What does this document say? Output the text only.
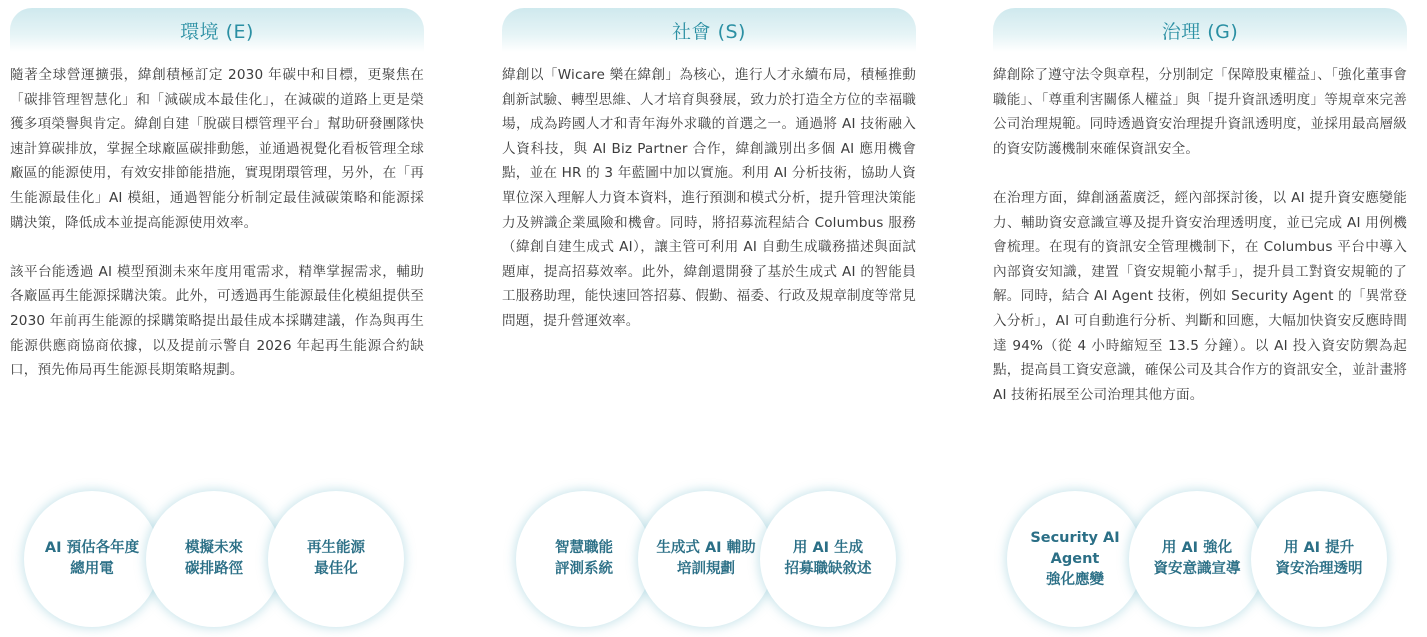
環境 (E)

隨著全球營運擴張，緯創積極訂定 2030 年碳中和目標，更聚焦在「碳排管理智慧化」和「減碳成本最佳化」，在減碳的道路上更是榮獲多項榮譽與肯定。緯創自建「脫碳目標管理平台」幫助研發團隊快速計算碳排放，掌握全球廠區碳排動態，並通過視覺化看板管理全球廠區的能源使用，有效安排節能措施，實現閉環管理，另外，在「再生能源最佳化」AI 模組，通過智能分析制定最佳減碳策略和能源採購決策，降低成本並提高能源使用效率。

該平台能透過 AI 模型預測未來年度用電需求，精準掌握需求，輔助各廠區再生能源採購決策。此外，可透過再生能源最佳化模組提供至 2030 年前再生能源的採購策略提出最佳成本採購建議，作為與再生能源供應商協商依據，以及提前示警自 2026 年起再生能源合約缺口，預先佈局再生能源長期策略規劃。

AI 預估各年度
總用電
模擬未來
碳排路徑
再生能源
最佳化
社會 (S)

緯創以「Wicare 樂在緯創」為核心，進行人才永續布局，積極推動創新試驗、轉型思維、人才培育與發展，致力於打造全方位的幸福職場，成為跨國人才和青年海外求職的首選之一。通過將 AI 技術融入人資科技，與 AI Biz Partner 合作，緯創識別出多個 AI 應用機會點，並在 HR 的 3 年藍圖中加以實施。利用 AI 分析技術，協助人資單位深入理解人力資本資料，進行預測和模式分析，提升管理決策能力及辨識企業風險和機會。同時，將招募流程結合 Columbus 服務（緯創自建生成式 AI），讓主管可利用 AI 自動生成職務描述與面試題庫，提高招募效率。此外，緯創還開發了基於生成式 AI 的智能員工服務助理，能快速回答招募、假勤、福委、行政及規章制度等常見問題，提升營運效率。

智慧職能
評測系統
生成式 AI 輔助
培訓規劃
用 AI 生成
招募職缺敘述
治理 (G)

緯創除了遵守法令與章程，分別制定「保障股東權益」、「強化董事會職能」、「尊重利害關係人權益」與「提升資訊透明度」等規章來完善公司治理規範。同時透過資安治理提升資訊透明度，並採用最高層級的資安防護機制來確保資訊安全。

在治理方面，緯創涵蓋廣泛，經內部探討後，以 AI 提升資安應變能力、輔助資安意識宣導及提升資安治理透明度，並已完成 AI 用例機會梳理。在現有的資訊安全管理機制下，在 Columbus 平台中導入內部資安知識，建置「資安規範小幫手」，提升員工對資安規範的了解。同時，結合 AI Agent 技術，例如 Security Agent 的「異常登入分析」，AI 可自動進行分析、判斷和回應，大幅加快資安反應時間達 94%（從 4 小時縮短至 13.5 分鐘）。以 AI 投入資安防禦為起點，提高員工資安意識，確保公司及其合作方的資訊安全，並計畫將 AI 技術拓展至公司治理其他方面。

Security AI
Agent
強化應變
用 AI 強化
資安意識宣導
用 AI 提升
資安治理透明
